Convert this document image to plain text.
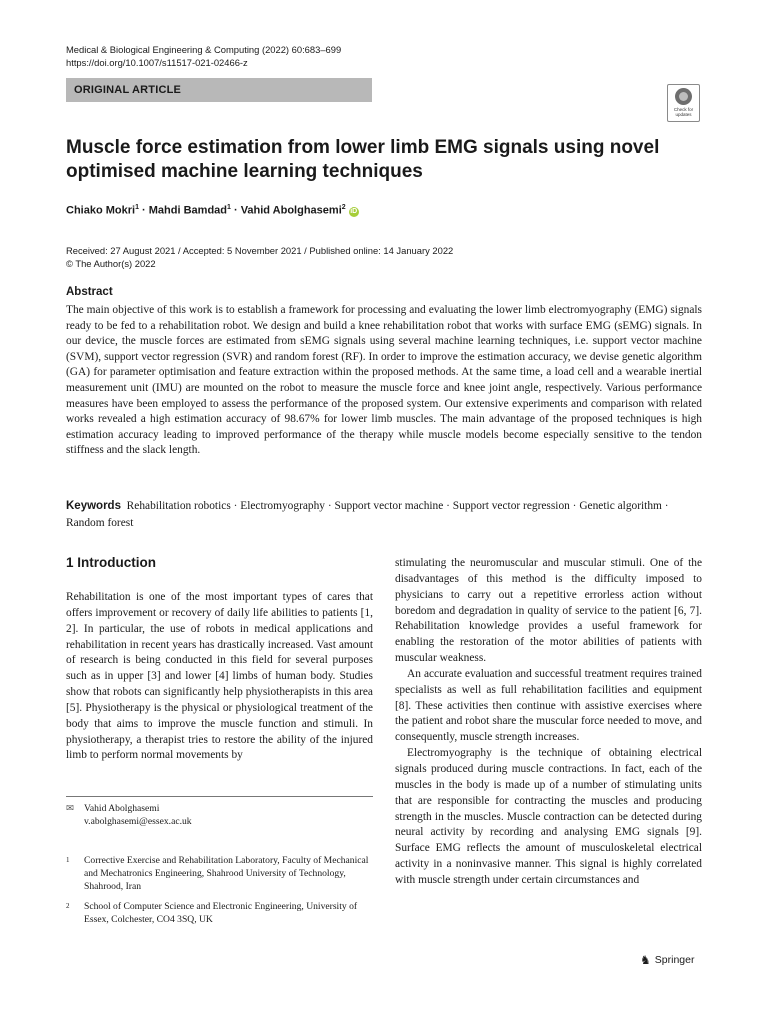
Medical & Biological Engineering & Computing (2022) 60:683–699
https://doi.org/10.1007/s11517-021-02466-z
ORIGINAL ARTICLE
Check for
updates
Muscle force estimation from lower limb EMG signals using novel
optimised machine learning techniques
Chiako Mokri$^1$ · Mahdi Bamdad$^1$ · Vahid Abolghasemi$^2$ iD
Received: 27 August 2021 / Accepted: 5 November 2021 / Published online: 14 January 2022
© The Author(s) 2022
Abstract
The main objective of this work is to establish a framework for processing and evaluating the lower limb electromyography (EMG) signals ready to be fed to a rehabilitation robot. We design and build a knee rehabilitation robot that works with surface EMG (sEMG) signals. In our device, the muscle forces are estimated from sEMG signals using several machine learning techniques, i.e. support vector machine (SVM), support vector regression (SVR) and random forest (RF). In order to improve the estimation accuracy, we devise genetic algorithm (GA) for parameter optimisation and feature extraction within the proposed methods. At the same time, a load cell and a wearable inertial measurement unit (IMU) are mounted on the robot to measure the muscle force and knee joint angle, respectively. Various performance measures have been employed to assess the performance of the proposed system. Our extensive experiments and comparison with related works revealed a high estimation accuracy of 98.67% for lower limb muscles. The main advantage of the proposed techniques is high estimation accuracy leading to improved performance of the therapy while muscle models become especially sensitive to the tendon stiffness and the slack length.
Keywords Rehabilitation robotics · Electromyography · Support vector machine · Support vector regression · Genetic algorithm · Random forest
1 Introduction

Rehabilitation is one of the most important types of cares that offers improvement or recovery of daily life abilities to patients [1, 2]. In particular, the use of robots in medical applications and rehabilitation in recent years has drastically increased. Vast amount of research is being conducted in this field for several purposes such as in upper [3] and lower [4] limbs of human body. Studies show that robots can significantly help physiotherapists in this area [5]. Physiotherapy is the physical or physiological treatment of the body that aims to improve the muscle function and stimuli. In physiotherapy, a therapist tries to restore the ability of the injured limb to perform normal movements by

✉ Vahid Abolghasemi
v.abolghasemi@essex.ac.uk
1 Corrective Exercise and Rehabilitation Laboratory, Faculty of Mechanical and Mechatronics Engineering, Shahrood University of Technology, Shahrood, Iran
2 School of Computer Science and Electronic Engineering, University of Essex, Colchester, CO4 3SQ, UK

stimulating the neuromuscular and muscular stimuli. One of the disadvantages of this method is the difficulty imposed to physicians to carry out a repetitive errorless action without boredom and degradation in quality of service to the patient [6, 7]. Rehabilitation knowledge provides a useful framework for enabling the restoration of the motor abilities of patients with muscular weakness.

An accurate evaluation and successful treatment requires trained specialists as well as full rehabilitation facilities and equipment [8]. These activities then continue with assistive exercises where the patient and robot share the muscular force needed to move, and consequently, muscle strength increases.

Electromyography is the technique of obtaining electrical signals produced during muscle contractions. In fact, each of the muscles in the body is made up of a number of stimulating units that are responsible for contracting the muscles and producing strength in the muscles. Muscle contraction can be detected during neural activity by recording and analysing EMG signals [9]. Surface EMG reflects the amount of musculoskeletal electrical activity in a noninvasive manner. This signal is highly correlated with muscle strength under certain circumstances and

♞ Springer
